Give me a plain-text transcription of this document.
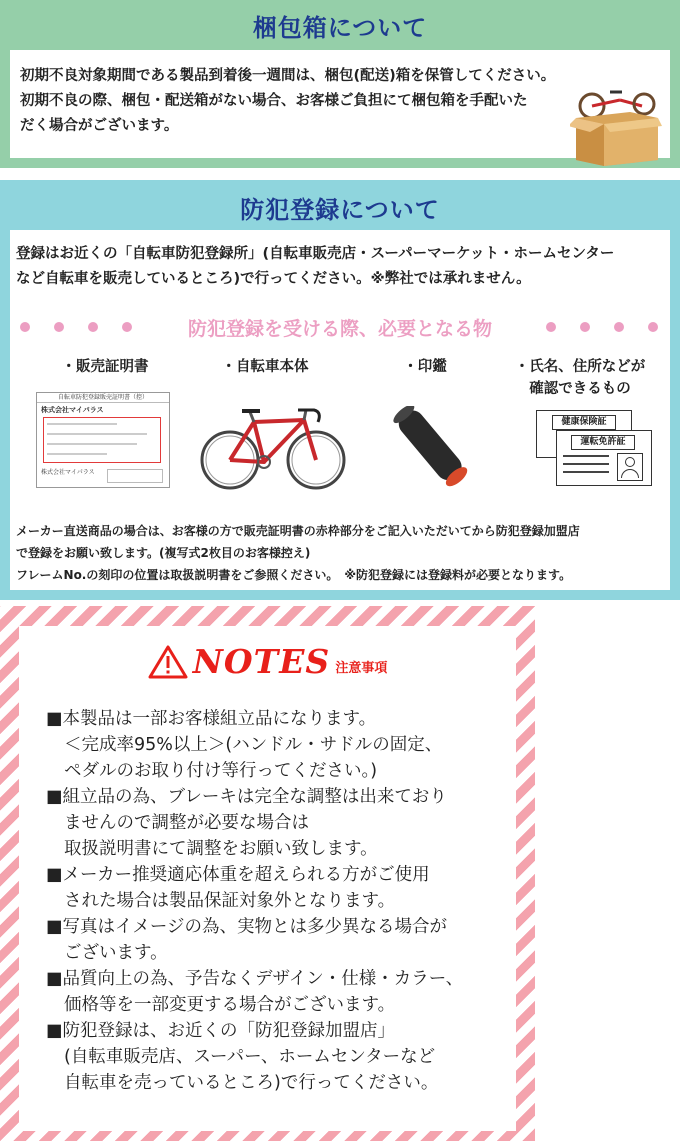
梱包箱について

初期不良対象期間である製品到着後一週間は、梱包(配送)箱を保管してください。
初期不良の際、梱包・配送箱がない場合、お客様ご負担にて梱包箱を手配いた
だく場合がございます。

防犯登録について

登録はお近くの「自転車防犯登録所」(自転車販売店・スーパーマーケット・ホームセンター
など自転車を販売しているところ)で行ってください。※弊社では承れません。

防犯登録を受ける際、必要となる物
・販売証明書	・自転車本体	・印鑑	・氏名、住所などが
確認できるもの
自転車防犯登録販売証明書（控）
株式会社マイパラス
株式会社マイパラス
健康保険証
運転免許証

メーカー直送商品の場合は、お客様の方で販売証明書の赤枠部分をご記入いただいてから防犯登録加盟店
で登録をお願い致します。(複写式2枚目のお客様控え)
フレームNo.の刻印の位置は取扱説明書をご参照ください。　※防犯登録には登録料が必要となります。

NOTES 注意事項
■本製品は一部お客様組立品になります。
＜完成率95%以上＞(ハンドル・サドルの固定、
ペダルのお取り付け等行ってください。)
■組立品の為、ブレーキは完全な調整は出来ており
ませんので調整が必要な場合は
取扱説明書にて調整をお願い致します。
■メーカー推奨適応体重を超えられる方がご使用
された場合は製品保証対象外となります。
■写真はイメージの為、実物とは多少異なる場合が
ございます。
■品質向上の為、予告なくデザイン・仕様・カラー、
価格等を一部変更する場合がございます。
■防犯登録は、お近くの「防犯登録加盟店」
(自転車販売店、スーパー、ホームセンターなど
自転車を売っているところ)で行ってください。
